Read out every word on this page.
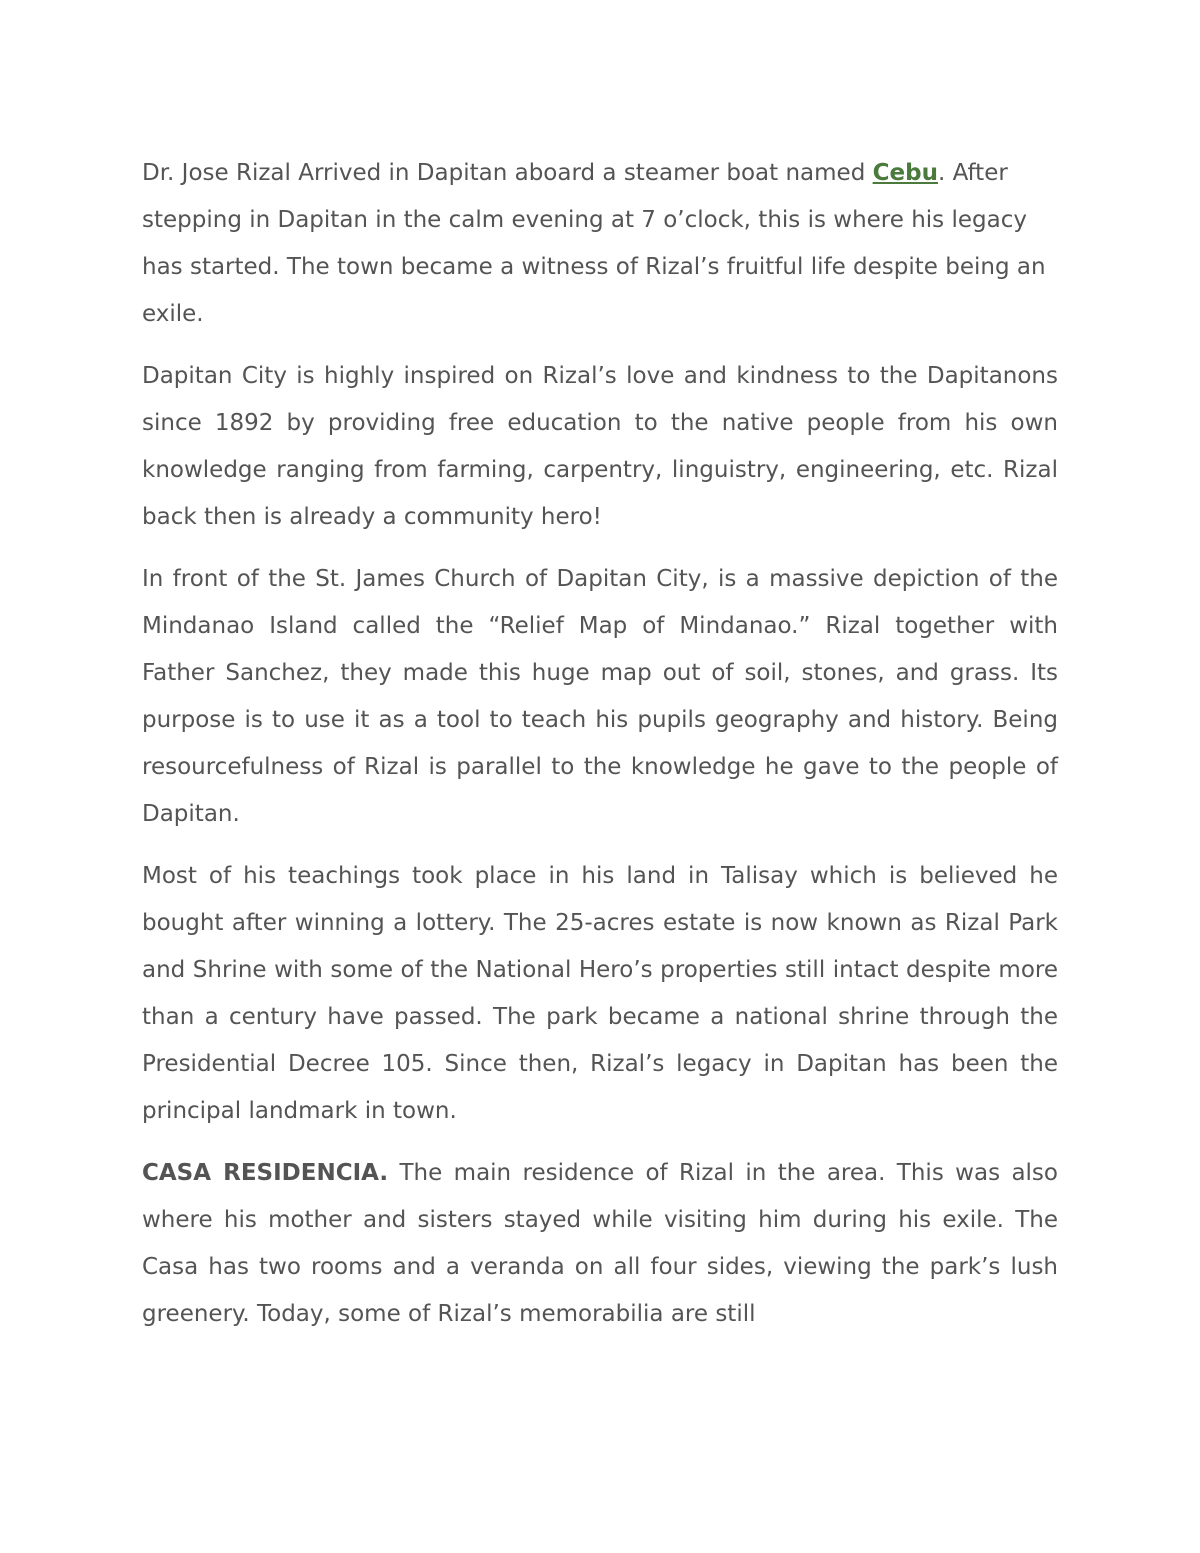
Dr. Jose Rizal Arrived in Dapitan aboard a steamer boat named Cebu. After stepping in Dapitan in the calm evening at 7 o’clock, this is where his legacy has started. The town became a witness of Rizal’s fruitful life despite being an exile.

Dapitan City is highly inspired on Rizal’s love and kindness to the Dapitanons since 1892 by providing free education to the native people from his own knowledge ranging from farming, carpentry, linguistry, engineering, etc. Rizal back then is already a community hero!

In front of the St. James Church of Dapitan City, is a massive depiction of the Mindanao Island called the “Relief Map of Mindanao.” Rizal together with Father Sanchez, they made this huge map out of soil, stones, and grass. Its purpose is to use it as a tool to teach his pupils geography and history. Being resourcefulness of Rizal is parallel to the knowledge he gave to the people of Dapitan.

Most of his teachings took place in his land in Talisay which is believed he bought after winning a lottery. The 25-acres estate is now known as Rizal Park and Shrine with some of the National Hero’s properties still intact despite more than a century have passed. The park became a national shrine through the Presidential Decree 105. Since then, Rizal’s legacy in Dapitan has been the principal landmark in town.

CASA RESIDENCIA. The main residence of Rizal in the area. This was also where his mother and sisters stayed while visiting him during his exile. The Casa has two rooms and a veranda on all four sides, viewing the park’s lush greenery. Today, some of Rizal’s memorabilia are still
